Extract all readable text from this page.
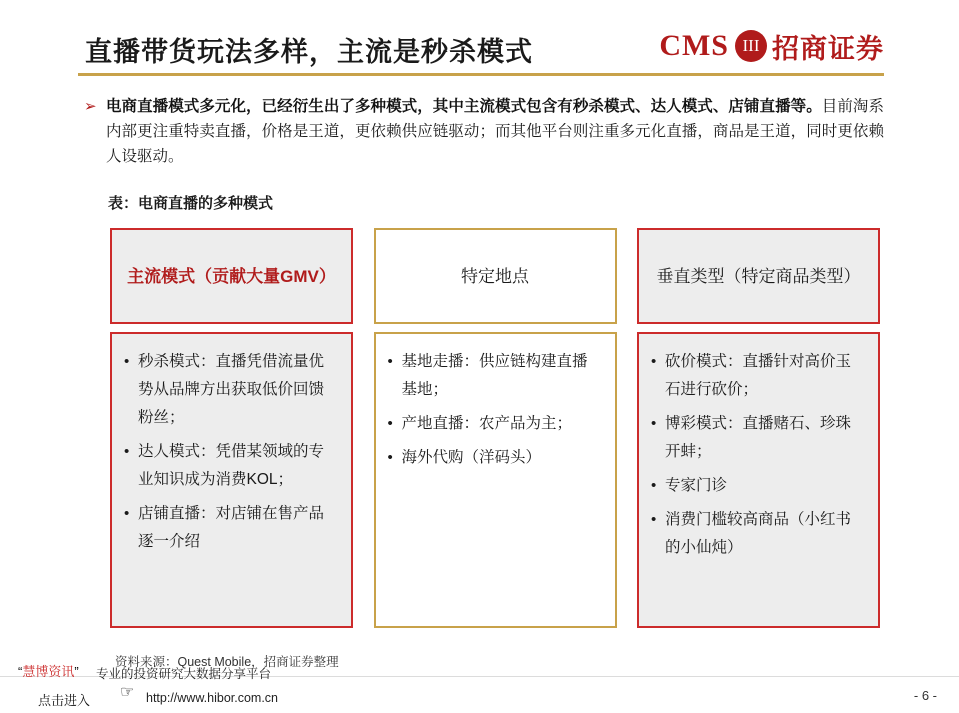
直播带货玩法多样，主流是秒杀模式	CMS III 招商证券
➢ 电商直播模式多元化，已经衍生出了多种模式，其中主流模式包含有秒杀模式、达人模式、店铺直播等。目前淘系内部更注重特卖直播，价格是王道，更依赖供应链驱动；而其他平台则注重多元化直播，商品是王道，同时更依赖人设驱动。
表：电商直播的多种模式
主流模式（贡献大量GMV）
• 秒杀模式：直播凭借流量优势从品牌方出获取低价回馈粉丝；
• 达人模式：凭借某领域的专业知识成为消费KOL；
• 店铺直播：对店铺在售产品逐一介绍
特定地点
• 基地走播：供应链构建直播基地；
• 产地直播：农产品为主；
• 海外代购（洋码头）
垂直类型（特定商品类型）
• 砍价模式：直播针对高价玉石进行砍价；
• 博彩模式：直播赌石、珍珠开蚌；
• 专家门诊
• 消费门槛较高商品（小红书的小仙炖）
资料来源：Quest Mobile，招商证券整理
“慧博资讯” 专业的投资研究大数据分享平台
点击进入 ☞ http://www.hibor.com.cn	- 6 -
